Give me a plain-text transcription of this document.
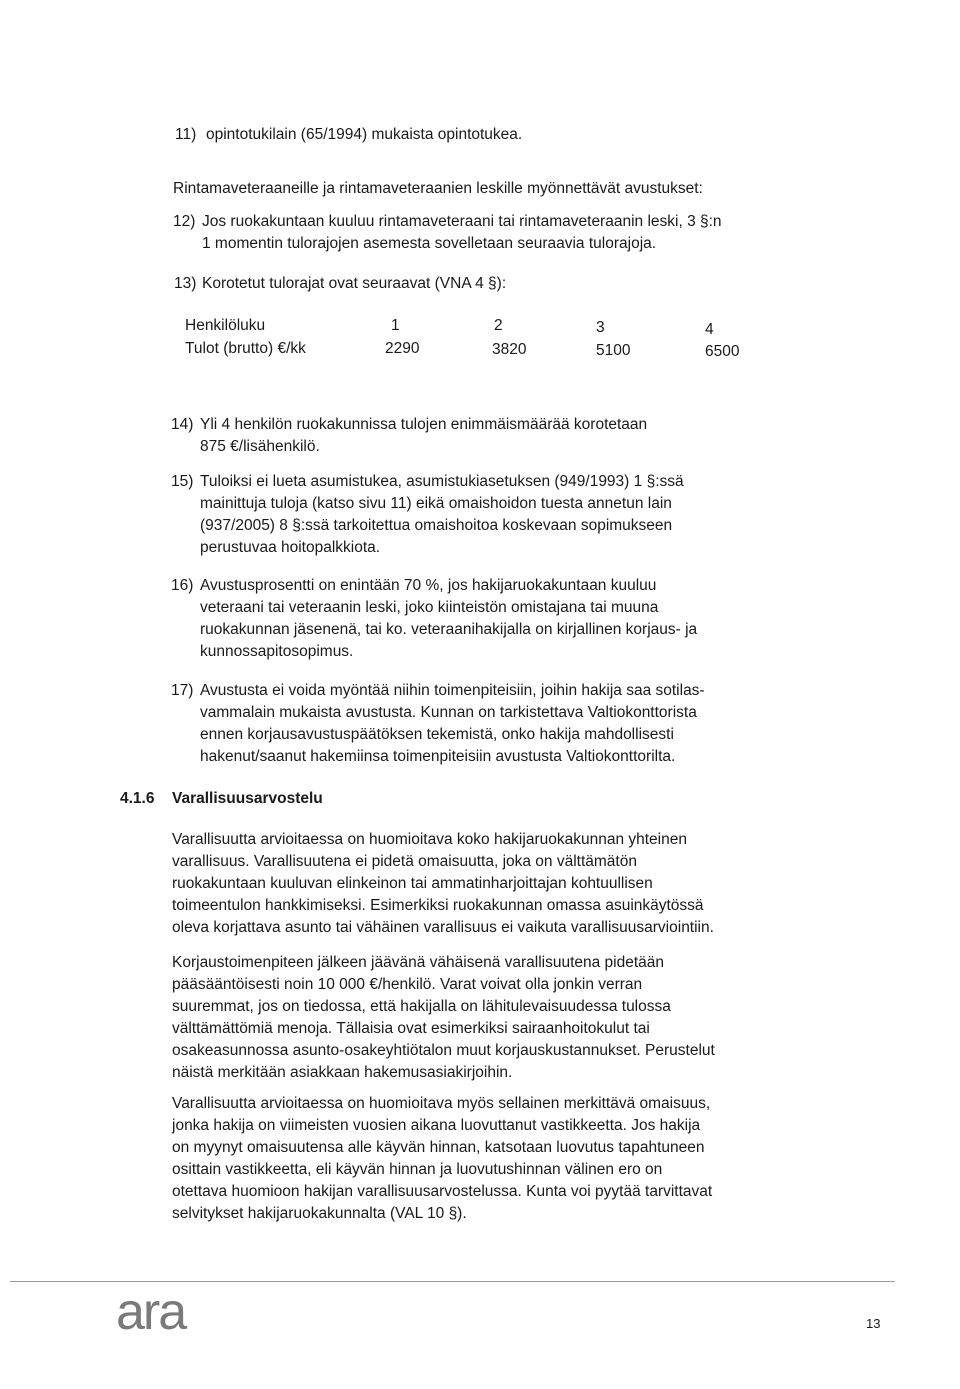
11) opintotukilain (65/1994) mukaista opintotukea.
Rintamaveteraaneille ja rintamaveteraanien leskille myönnettävät avustukset:
12) Jos ruokakuntaan kuuluu rintamaveteraani tai rintamaveteraanin leski, 3 §:n
1 momentin tulorajojen asemesta sovelletaan seuraavia tulorajoja.
13) Korotetut tulorajat ovat seuraavat (VNA 4 §):
Henkilöluku	1	2	3	4
Tulot (brutto) €/kk	2290	3820	5100	6500
14) Yli 4 henkilön ruokakunnissa tulojen enimmäismäärää korotetaan
875 €/lisähenkilö.
15) Tuloiksi ei lueta asumistukea, asumistukiasetuksen (949/1993) 1 §:ssä
mainittuja tuloja (katso sivu 11) eikä omaishoidon tuesta annetun lain
(937/2005) 8 §:ssä tarkoitettua omaishoitoa koskevaan sopimukseen
perustuvaa hoitopalkkiota.
16) Avustusprosentti on enintään 70 %, jos hakijaruokakuntaan kuuluu
veteraani tai veteraanin leski, joko kiinteistön omistajana tai muuna
ruokakunnan jäsenenä, tai ko. veteraanihakijalla on kirjallinen korjaus- ja
kunnossapitosopimus.
17) Avustusta ei voida myöntää niihin toimenpiteisiin, joihin hakija saa sotilas-
vammalain mukaista avustusta. Kunnan on tarkistettava Valtiokonttorista
ennen korjausavustuspäätöksen tekemistä, onko hakija mahdollisesti
hakenut/saanut hakemiinsa toimenpiteisiin avustusta Valtiokonttorilta.
4.1.6 Varallisuusarvostelu
Varallisuutta arvioitaessa on huomioitava koko hakijaruokakunnan yhteinen
varallisuus. Varallisuutena ei pidetä omaisuutta, joka on välttämätön
ruokakuntaan kuuluvan elinkeinon tai ammatinharjoittajan kohtuullisen
toimeentulon hankkimiseksi. Esimerkiksi ruokakunnan omassa asuinkäytössä
oleva korjattava asunto tai vähäinen varallisuus ei vaikuta varallisuusarviointiin.
Korjaustoimenpiteen jälkeen jäävänä vähäisenä varallisuutena pidetään
pääsääntöisesti noin 10 000 €/henkilö. Varat voivat olla jonkin verran
suuremmat, jos on tiedossa, että hakijalla on lähitulevaisuudessa tulossa
välttämättömiä menoja. Tällaisia ovat esimerkiksi sairaanhoitokulut tai
osakeasunnossa asunto-osakeyhtiötalon muut korjauskustannukset. Perustelut
näistä merkitään asiakkaan hakemusasiakirjoihin.
Varallisuutta arvioitaessa on huomioitava myös sellainen merkittävä omaisuus,
jonka hakija on viimeisten vuosien aikana luovuttanut vastikkeetta. Jos hakija
on myynyt omaisuutensa alle käyvän hinnan, katsotaan luovutus tapahtuneen
osittain vastikkeetta, eli käyvän hinnan ja luovutushinnan välinen ero on
otettava huomioon hakijan varallisuusarvostelussa. Kunta voi pyytää tarvittavat
selvitykset hakijaruokakunnalta (VAL 10 §).
ara	13
